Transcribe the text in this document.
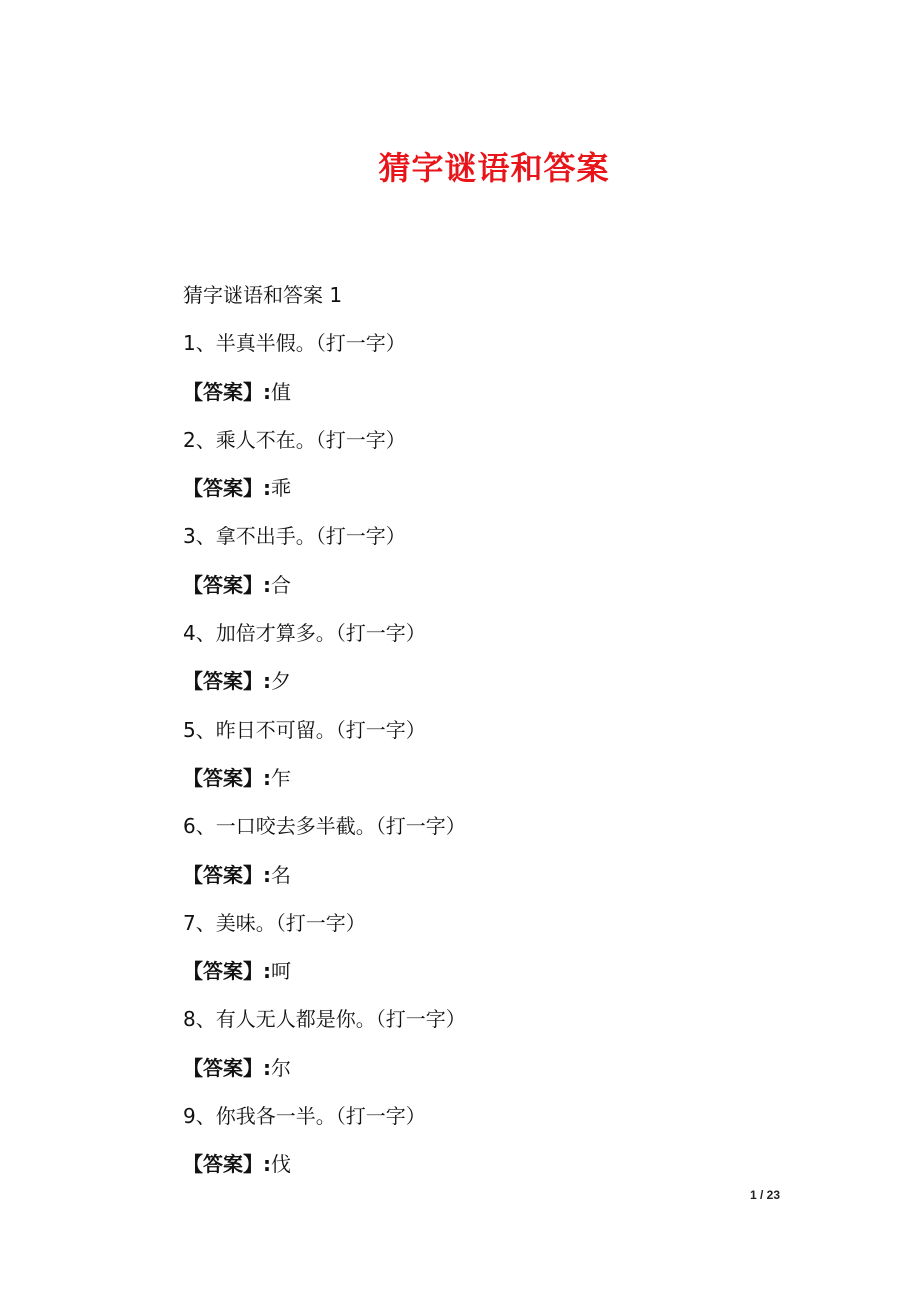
猜字谜语和答案
猜字谜语和答案 1
1、半真半假。（打一字）
【答案】:值
2、乘人不在。（打一字）
【答案】:乖
3、拿不出手。（打一字）
【答案】:合
4、加倍才算多。（打一字）
【答案】:夕
5、昨日不可留。（打一字）
【答案】:乍
6、一口咬去多半截。（打一字）
【答案】:名
7、美味。（打一字）
【答案】:呵
8、有人无人都是你。（打一字）
【答案】:尔
9、你我各一半。（打一字）
【答案】:伐
1 / 23
